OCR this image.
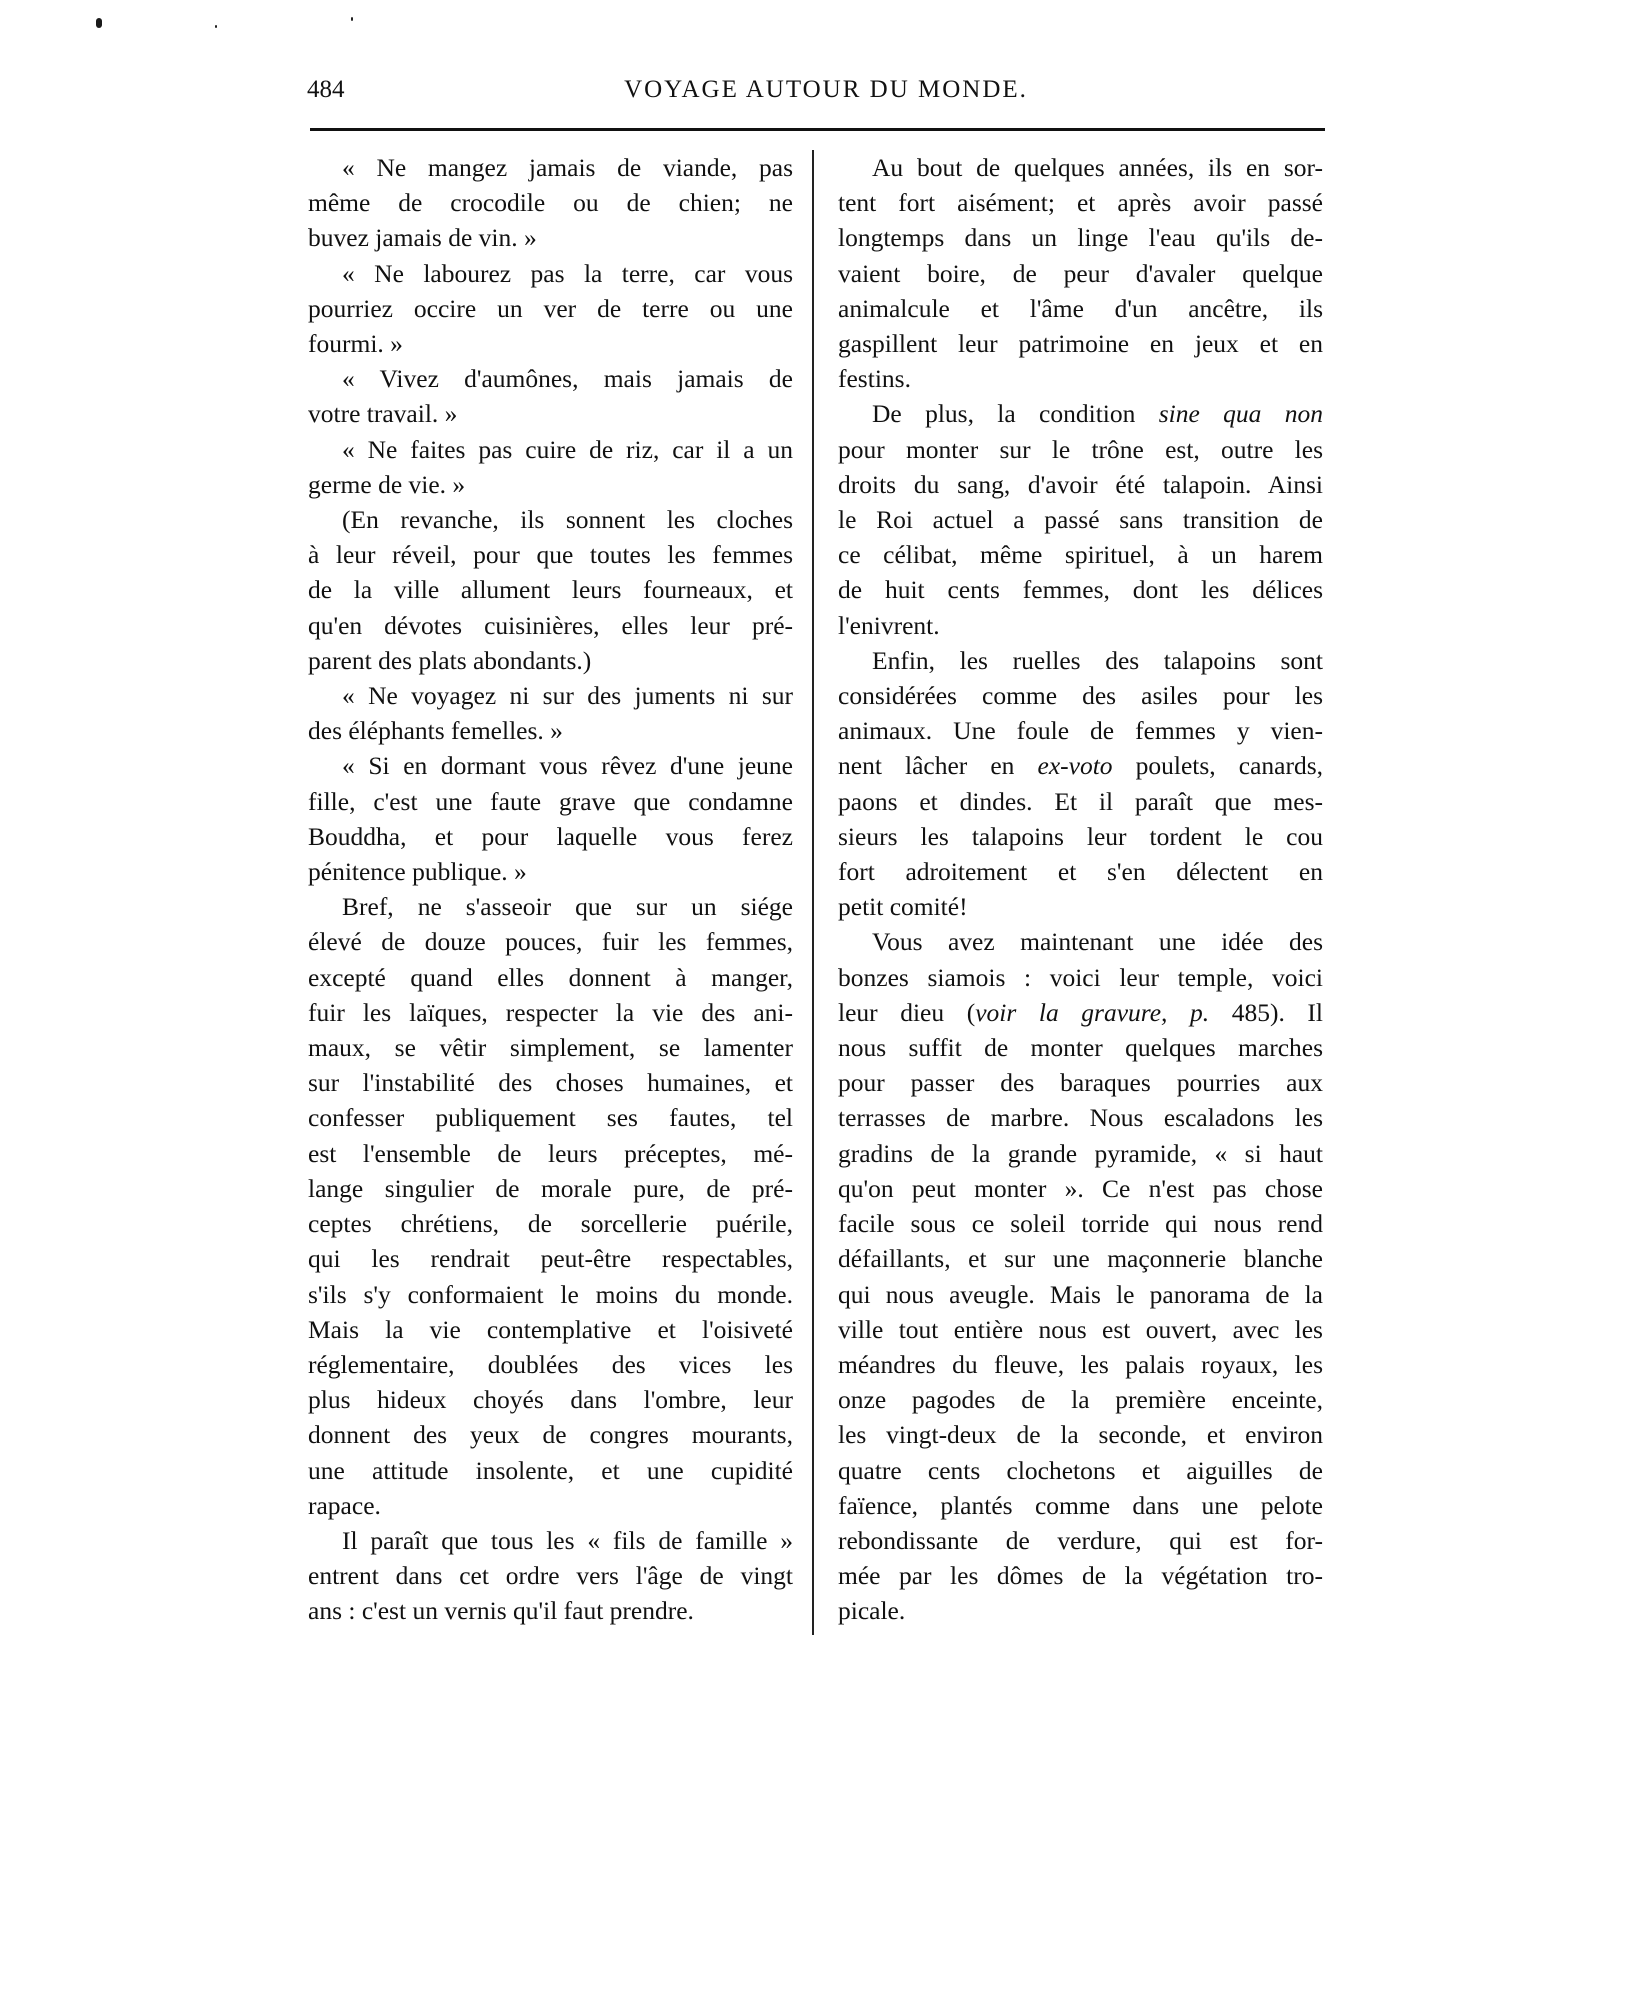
484	VOYAGE AUTOUR DU MONDE.
« Ne mangez jamais de viande, pas
même de crocodile ou de chien; ne
buvez jamais de vin. »
« Ne labourez pas la terre, car vous
pourriez occire un ver de terre ou une
fourmi. »
« Vivez d'aumônes, mais jamais de
votre travail. »
« Ne faites pas cuire de riz, car il a un
germe de vie. »
(En revanche, ils sonnent les cloches
à leur réveil, pour que toutes les femmes
de la ville allument leurs fourneaux, et
qu'en dévotes cuisinières, elles leur pré-
parent des plats abondants.)
« Ne voyagez ni sur des juments ni sur
des éléphants femelles. »
« Si en dormant vous rêvez d'une jeune
fille, c'est une faute grave que condamne
Bouddha, et pour laquelle vous ferez
pénitence publique. »
Bref, ne s'asseoir que sur un siége
élevé de douze pouces, fuir les femmes,
excepté quand elles donnent à manger,
fuir les laïques, respecter la vie des ani-
maux, se vêtir simplement, se lamenter
sur l'instabilité des choses humaines, et
confesser publiquement ses fautes, tel
est l'ensemble de leurs préceptes, mé-
lange singulier de morale pure, de pré-
ceptes chrétiens, de sorcellerie puérile,
qui les rendrait peut-être respectables,
s'ils s'y conformaient le moins du monde.
Mais la vie contemplative et l'oisiveté
réglementaire, doublées des vices les
plus hideux choyés dans l'ombre, leur
donnent des yeux de congres mourants,
une attitude insolente, et une cupidité
rapace.
Il paraît que tous les « fils de famille »
entrent dans cet ordre vers l'âge de vingt
ans : c'est un vernis qu'il faut prendre.
Au bout de quelques années, ils en sor-
tent fort aisément; et après avoir passé
longtemps dans un linge l'eau qu'ils de-
vaient boire, de peur d'avaler quelque
animalcule et l'âme d'un ancêtre, ils
gaspillent leur patrimoine en jeux et en
festins.
De plus, la condition sine qua non
pour monter sur le trône est, outre les
droits du sang, d'avoir été talapoin. Ainsi
le Roi actuel a passé sans transition de
ce célibat, même spirituel, à un harem
de huit cents femmes, dont les délices
l'enivrent.
Enfin, les ruelles des talapoins sont
considérées comme des asiles pour les
animaux. Une foule de femmes y vien-
nent lâcher en ex-voto poulets, canards,
paons et dindes. Et il paraît que mes-
sieurs les talapoins leur tordent le cou
fort adroitement et s'en délectent en
petit comité!
Vous avez maintenant une idée des
bonzes siamois : voici leur temple, voici
leur dieu (voir la gravure, p. 485). Il
nous suffit de monter quelques marches
pour passer des baraques pourries aux
terrasses de marbre. Nous escaladons les
gradins de la grande pyramide, « si haut
qu'on peut monter ». Ce n'est pas chose
facile sous ce soleil torride qui nous rend
défaillants, et sur une maçonnerie blanche
qui nous aveugle. Mais le panorama de la
ville tout entière nous est ouvert, avec les
méandres du fleuve, les palais royaux, les
onze pagodes de la première enceinte,
les vingt-deux de la seconde, et environ
quatre cents clochetons et aiguilles de
faïence, plantés comme dans une pelote
rebondissante de verdure, qui est for-
mée par les dômes de la végétation tro-
picale.
